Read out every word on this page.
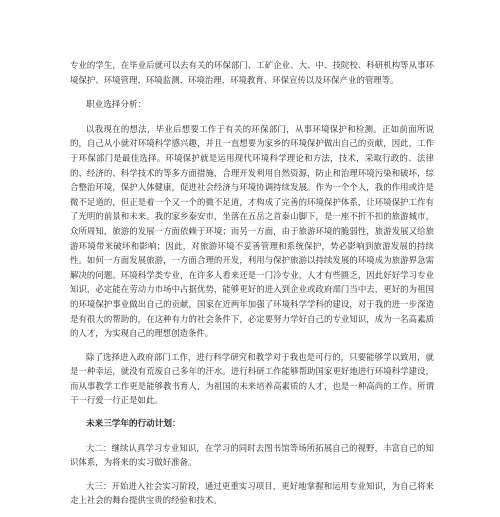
专业的学生，在毕业后就可以去有关的环保部门、工矿企业、大、中、技院校、科研机构等从事环境保护、环境管理、环境监测、环境治理、环境教育、环保宣传以及环保产业的管理等。

职业选择分析：

以我现在的想法，毕业后想要工作于有关的环保部门，从事环境保护和检测。正如前面所说的，自己从小就对环境科学感兴趣，并且一直想要为家乡的环境保护做出自己的贡献，因此，工作于环保部门是最佳选择。环境保护就是运用现代环境科学理论和方法，技术，采取行政的、法律的、经济的、科学技术的等多方面措施，合理开发利用自然资源，防止和治理环境污染和破坏，综合整治环境，保护人体健康，促进社会经济与环境协调持续发展。作为一个个人，我的作用或许是微不足道的，但正是着一个又一个的微不足道，才构成了完善的环境保护体系，让环境保护工作有了光明的前景和未来。我的家乡泰安市，坐落在五岳之首泰山脚下，是一座不折不扣的旅游城市，众所周知，旅游的发展一方面依赖于环境；而另一方面，由于旅游环境的脆弱性，旅游发展又给旅游环境带来破坏和影响；因此，对旅游环境不妥善管理和系统保护，势必影响到旅游发展的持续性。如何一方面发展旅游，一方面合理的开发，利用与保护旅游以持续发展的环境成为旅游界急需解决的问题。环境科学类专业，在许多人看来还是一门冷专业，人才有些匮乏，因此好好学习专业知识，必定能在劳动力市场中占据优势，能够更好的进入到企业或政府部门当中去，更好的为祖国的环境保护事业做出自己的贡献，国家在近两年加强了环境科学学科的建设，对于我的进一步深造是有很大的帮助的，在这种有力的社会条件下，必定要努力学好自己的专业知识，成为一名高素质的人才，为实现自己的理想创造条件。

除了选择进入政府部门工作，进行科学研究和教学对于我也是可行的，只要能够学以致用，就是一种幸运，就没有荒废自己多年的汗水。进行科研工作能够帮助国家更好地进行环境科学建设，而从事教学工作更是能够教书育人，为祖国的未来培养高素质的人才，也是一种高尚的工作。所谓干一行爱一行正是如此。

未来三学年的行动计划：

大二：继续认真学习专业知识，在学习的同时去图书馆等场所拓展自己的视野，丰富自己的知识体系，为将来的实习做好准备。

大三：开始进入社会实习阶段，通过更重实习项目，更好地掌握和运用专业知识，为自己将来走上社会的舞台提供宝贵的经验和技术。
